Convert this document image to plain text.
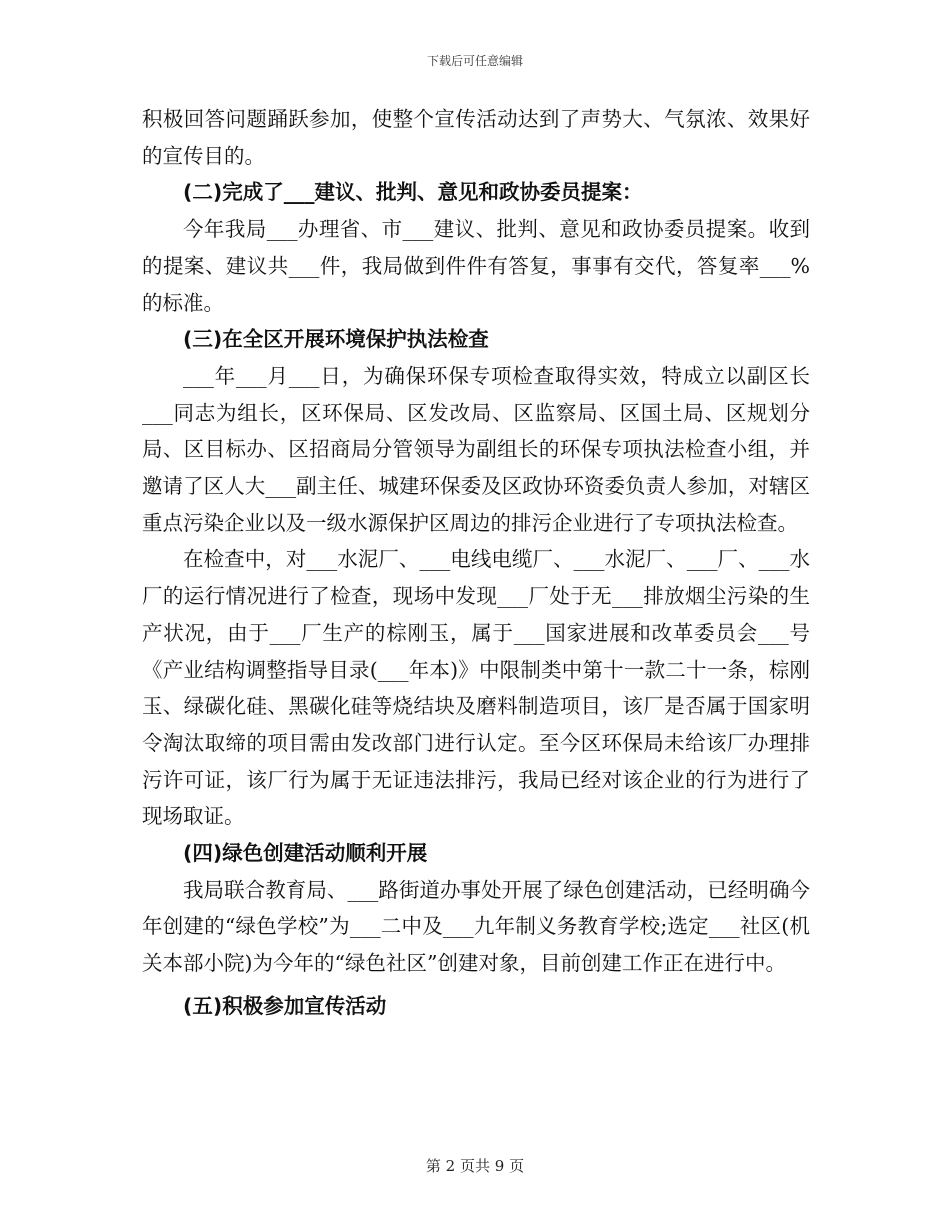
下载后可任意编辑

积极回答问题踊跃参加，使整个宣传活动达到了声势大、气氛浓、效果好的宣传目的。

(二)完成了___建议、批判、意见和政协委员提案：

今年我局___办理省、市___建议、批判、意见和政协委员提案。收到的提案、建议共___件，我局做到件件有答复，事事有交代，答复率___%的标准。

(三)在全区开展环境保护执法检查

___年___月___日，为确保环保专项检查取得实效，特成立以副区长___同志为组长，区环保局、区发改局、区监察局、区国土局、区规划分局、区目标办、区招商局分管领导为副组长的环保专项执法检查小组，并邀请了区人大___副主任、城建环保委及区政协环资委负责人参加，对辖区重点污染企业以及一级水源保护区周边的排污企业进行了专项执法检查。

在检查中，对___水泥厂、___电线电缆厂、___水泥厂、___厂、___水厂的运行情况进行了检查，现场中发现___厂处于无___排放烟尘污染的生产状况，由于___厂生产的棕刚玉，属于___国家进展和改革委员会___号《产业结构调整指导目录(___年本)》中限制类中第十一款二十一条，棕刚玉、绿碳化硅、黑碳化硅等烧结块及磨料制造项目，该厂是否属于国家明令淘汰取缔的项目需由发改部门进行认定。至今区环保局未给该厂办理排污许可证，该厂行为属于无证违法排污，我局已经对该企业的行为进行了现场取证。

(四)绿色创建活动顺利开展

我局联合教育局、___路街道办事处开展了绿色创建活动，已经明确今年创建的“绿色学校”为___二中及___九年制义务教育学校;选定___社区(机关本部小院)为今年的“绿色社区”创建对象，目前创建工作正在进行中。

(五)积极参加宣传活动

第 2 页共 9 页
